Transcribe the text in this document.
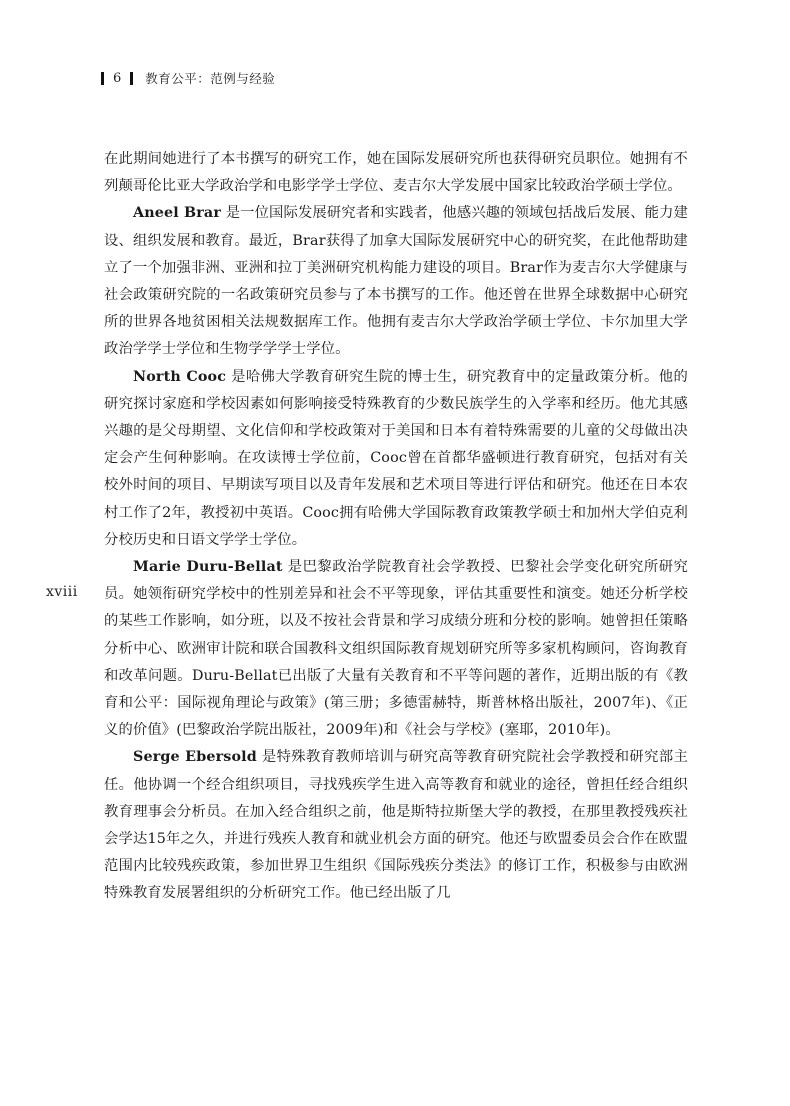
6 教育公平：范例与经验
xviii

在此期间她进行了本书撰写的研究工作，她在国际发展研究所也获得研究员职位。她拥有不列颠哥伦比亚大学政治学和电影学学士学位、麦吉尔大学发展中国家比较政治学硕士学位。

Aneel Brar 是一位国际发展研究者和实践者，他感兴趣的领域包括战后发展、能力建设、组织发展和教育。最近，Brar获得了加拿大国际发展研究中心的研究奖，在此他帮助建立了一个加强非洲、亚洲和拉丁美洲研究机构能力建设的项目。Brar作为麦吉尔大学健康与社会政策研究院的一名政策研究员参与了本书撰写的工作。他还曾在世界全球数据中心研究所的世界各地贫困相关法规数据库工作。他拥有麦吉尔大学政治学硕士学位、卡尔加里大学政治学学士学位和生物学学学士学位。

North Cooc 是哈佛大学教育研究生院的博士生，研究教育中的定量政策分析。他的研究探讨家庭和学校因素如何影响接受特殊教育的少数民族学生的入学率和经历。他尤其感兴趣的是父母期望、文化信仰和学校政策对于美国和日本有着特殊需要的儿童的父母做出决定会产生何种影响。在攻读博士学位前，Cooc曾在首都华盛顿进行教育研究，包括对有关校外时间的项目、早期读写项目以及青年发展和艺术项目等进行评估和研究。他还在日本农村工作了2年，教授初中英语。Cooc拥有哈佛大学国际教育政策教学硕士和加州大学伯克利分校历史和日语文学学士学位。

Marie Duru-Bellat 是巴黎政治学院教育社会学教授、巴黎社会学变化研究所研究员。她领衔研究学校中的性别差异和社会不平等现象，评估其重要性和演变。她还分析学校的某些工作影响，如分班，以及不按社会背景和学习成绩分班和分校的影响。她曾担任策略分析中心、欧洲审计院和联合国教科文组织国际教育规划研究所等多家机构顾问，咨询教育和改革问题。Duru-Bellat已出版了大量有关教育和不平等问题的著作，近期出版的有《教育和公平：国际视角理论与政策》(第三册；多德雷赫特，斯普林格出版社，2007年)、《正义的价值》(巴黎政治学院出版社，2009年)和《社会与学校》(塞耶，2010年)。

Serge Ebersold 是特殊教育教师培训与研究高等教育研究院社会学教授和研究部主任。他协调一个经合组织项目，寻找残疾学生进入高等教育和就业的途径，曾担任经合组织教育理事会分析员。在加入经合组织之前，他是斯特拉斯堡大学的教授，在那里教授残疾社会学达15年之久，并进行残疾人教育和就业机会方面的研究。他还与欧盟委员会合作在欧盟范围内比较残疾政策，参加世界卫生组织《国际残疾分类法》的修订工作，积极参与由欧洲特殊教育发展署组织的分析研究工作。他已经出版了几
